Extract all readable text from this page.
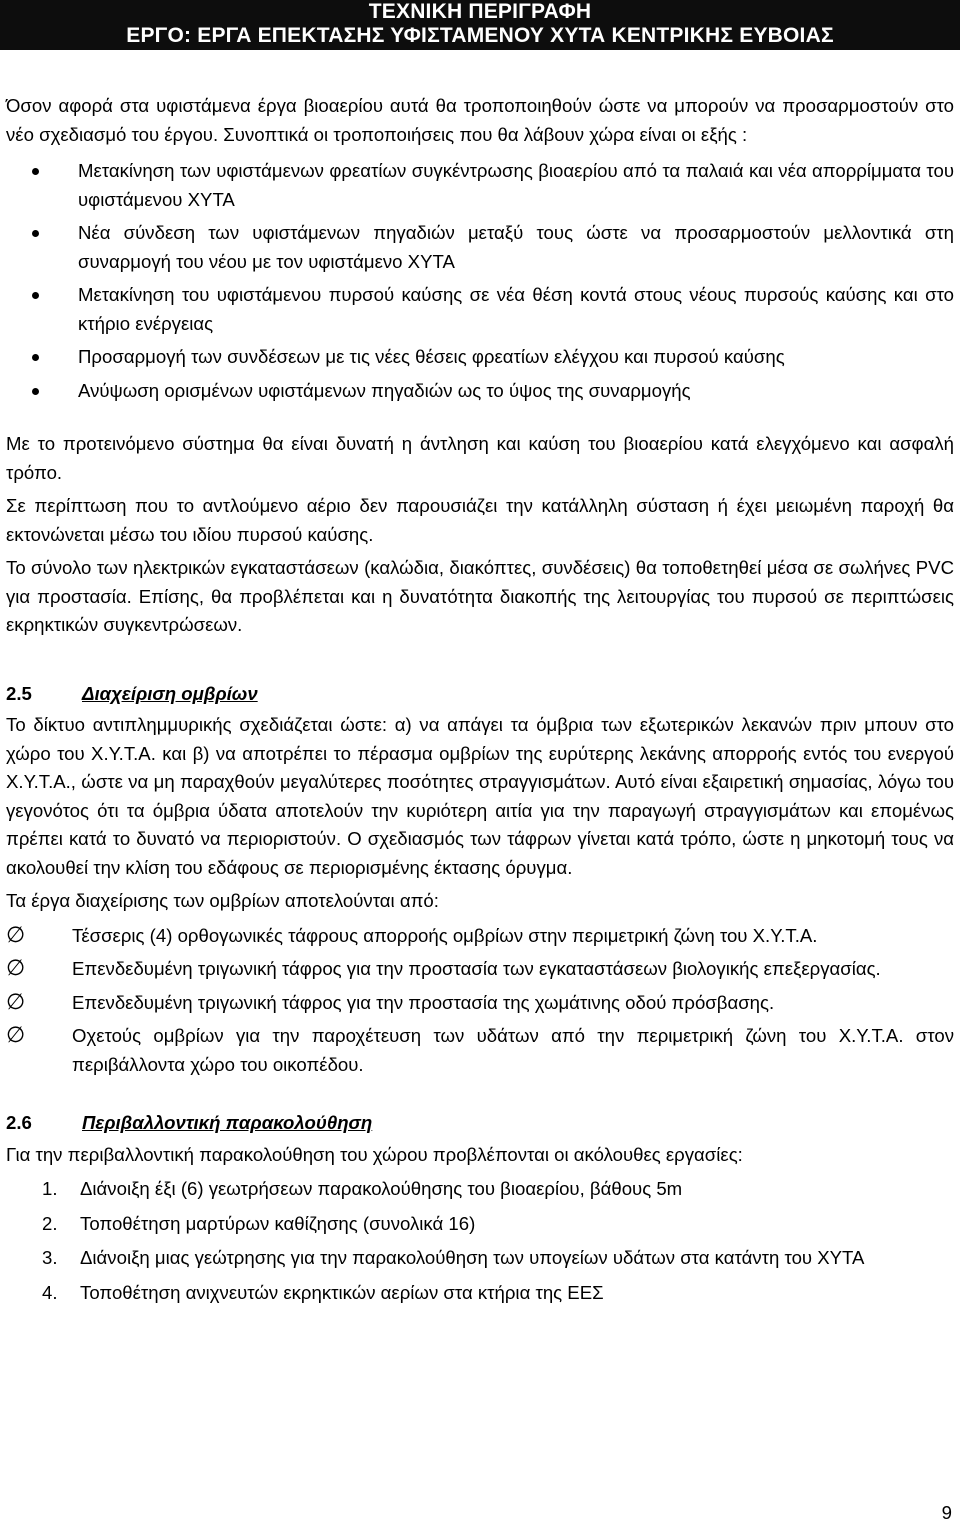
ΤΕΧΝΙΚΗ ΠΕΡΙΓΡΑΦΗ
ΕΡΓΟ: ΕΡΓΑ ΕΠΕΚΤΑΣΗΣ ΥΦΙΣΤΑΜΕΝΟΥ ΧΥΤΑ ΚΕΝΤΡΙΚΗΣ ΕΥΒΟΙΑΣ

Όσον αφορά στα υφιστάμενα έργα βιοαερίου αυτά θα τροποποιηθούν ώστε να μπορούν να προσαρμοστούν στο νέο σχεδιασμό του έργου. Συνοπτικά οι τροποποιήσεις που θα λάβουν χώρα είναι οι εξής :

Μετακίνηση των υφιστάμενων φρεατίων συγκέντρωσης βιοαερίου από τα παλαιά και νέα απορρίμματα του υφιστάμενου ΧΥΤΑ
Νέα σύνδεση των υφιστάμενων πηγαδιών μεταξύ τους ώστε να προσαρμοστούν μελλοντικά στη συναρμογή του νέου με τον υφιστάμενο ΧΥΤΑ
Μετακίνηση του υφιστάμενου πυρσού καύσης σε νέα θέση κοντά στους νέους πυρσούς καύσης και στο κτήριο ενέργειας
Προσαρμογή των συνδέσεων με τις νέες θέσεις φρεατίων ελέγχου και πυρσού καύσης
Ανύψωση ορισμένων υφιστάμενων πηγαδιών ως το ύψος της συναρμογής

Με το προτεινόμενο σύστημα θα είναι δυνατή η άντληση και καύση του βιοαερίου κατά ελεγχόμενο και ασφαλή τρόπο.

Σε περίπτωση που το αντλούμενο αέριο δεν παρουσιάζει την κατάλληλη σύσταση ή έχει μειωμένη παροχή θα εκτονώνεται μέσω του ιδίου πυρσού καύσης.

Το σύνολο των ηλεκτρικών εγκαταστάσεων (καλώδια, διακόπτες, συνδέσεις) θα τοποθετηθεί μέσα σε σωλήνες PVC για προστασία. Επίσης, θα προβλέπεται και η δυνατότητα διακοπής της λειτουργίας του πυρσού σε περιπτώσεις εκρηκτικών συγκεντρώσεων.

2.5	Διαχείριση ομβρίων

Το δίκτυο αντιπλημμυρικής σχεδιάζεται ώστε: α) να απάγει τα όμβρια των εξωτερικών λεκανών πριν μπουν στο χώρο του Χ.Υ.Τ.Α. και β) να αποτρέπει το πέρασμα ομβρίων της ευρύτερης λεκάνης απορροής εντός του ενεργού Χ.Υ.Τ.Α., ώστε να μη παραχθούν μεγαλύτερες ποσότητες στραγγισμάτων. Αυτό είναι εξαιρετική σημασίας, λόγω του γεγονότος ότι τα όμβρια ύδατα αποτελούν την κυριότερη αιτία για την παραγωγή στραγγισμάτων και επομένως πρέπει κατά το δυνατό να περιοριστούν. Ο σχεδιασμός των τάφρων γίνεται κατά τρόπο, ώστε η μηκοτομή τους να ακολουθεί την κλίση του εδάφους σε περιορισμένης έκτασης όρυγμα.

Τα έργα διαχείρισης των ομβρίων αποτελούνται από:

∅	Τέσσερις (4) ορθογωνικές τάφρους απορροής ομβρίων στην περιμετρική ζώνη του Χ.Υ.Τ.Α.
∅	Επενδεδυμένη τριγωνική τάφρος για την προστασία των εγκαταστάσεων βιολογικής επεξεργασίας.
∅	Επενδεδυμένη τριγωνική τάφρος για την προστασία της χωμάτινης οδού πρόσβασης.
∅	Οχετούς ομβρίων για την παροχέτευση των υδάτων από την περιμετρική ζώνη του Χ.Υ.Τ.Α. στον περιβάλλοντα χώρο του οικοπέδου.
2.6	Περιβαλλοντική παρακολούθηση

Για την περιβαλλοντική παρακολούθηση του χώρου προβλέπονται οι ακόλουθες εργασίες:

1. Διάνοιξη έξι (6) γεωτρήσεων παρακολούθησης του βιοαερίου, βάθους 5m
2. Τοποθέτηση μαρτύρων καθίζησης (συνολικά 16)
3. Διάνοιξη μιας γεώτρησης για την παρακολούθηση των υπογείων υδάτων στα κατάντη του ΧΥΤΑ
4. Τοποθέτηση ανιχνευτών εκρηκτικών αερίων στα κτήρια της ΕΕΣ
9
